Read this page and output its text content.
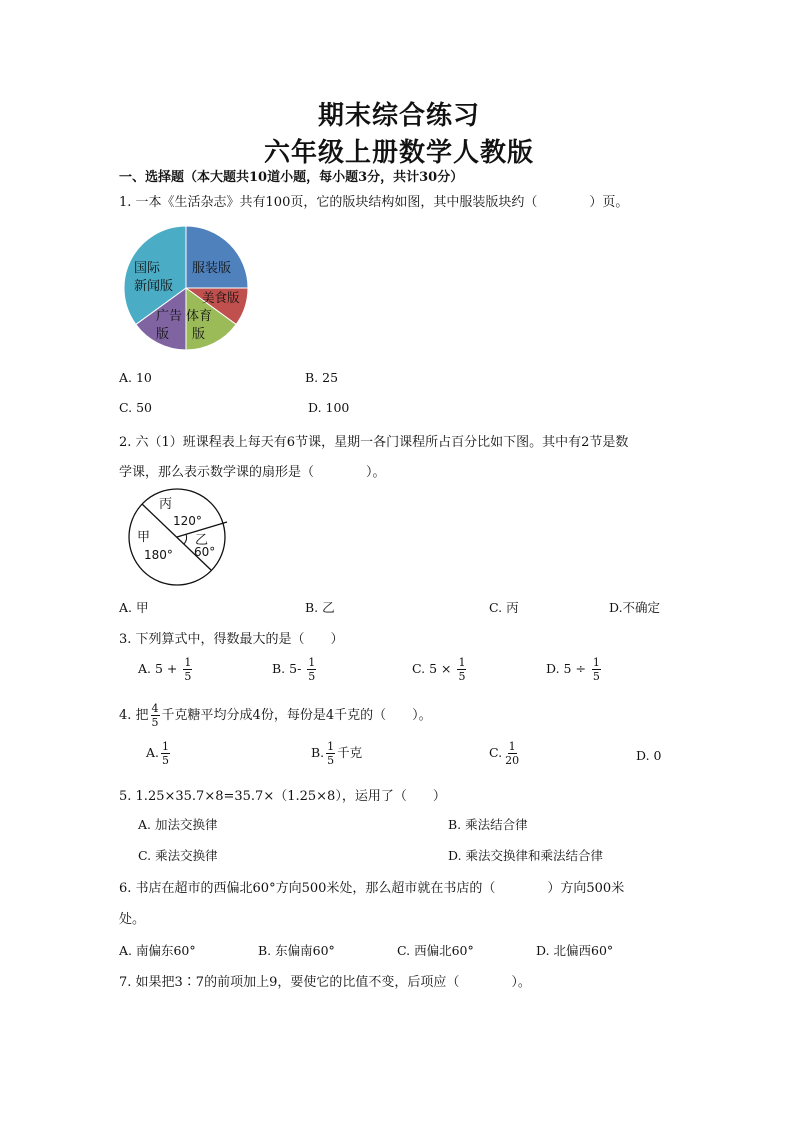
期末综合练习
六年级上册数学人教版
一、选择题（本大题共10道小题，每小题3分，共计30分）
1. 一本《生活杂志》共有100页，它的版块结构如图，其中服装版块约（　　　　）页。
服装版
美食版
体育
版
广告
版
国际
新闻版
A. 10	B. 25
C. 50	D. 100
2. 六（1）班课程表上每天有6节课，星期一各门课程所占百分比如下图。其中有2节是数
学课，那么表示数学课的扇形是（　　　　）。
丙
120°
甲
180°
乙
60°
A. 甲	B. 乙	C. 丙	D.不确定
3. 下列算式中，得数最大的是（　　）
A. $5 + \frac{1}{5}$	B. $5- \frac{1}{5}$	C. $5 \times \frac{1}{5}$	D. $5 \div \frac{1}{5}$
4. 把 $\frac{4}{5}$ 千克糖平均分成4份，每份是4千克的（　　）。
A. $\frac{1}{5}$	B. $\frac{1}{5}$ 千克	C. $\frac{1}{20}$	D. 0
5. 1.25×35.7×8=35.7×（1.25×8），运用了（　　）
A. 加法交换律	B. 乘法结合律
C. 乘法交换律	D. 乘法交换律和乘法结合律
6. 书店在超市的西偏北60°方向500米处，那么超市就在书店的（　　　　）方向500米
处。
A. 南偏东60°	B. 东偏南60°	C. 西偏北60°	D. 北偏西60°
7. 如果把3∶7的前项加上9，要使它的比值不变，后项应（　　　　）。
